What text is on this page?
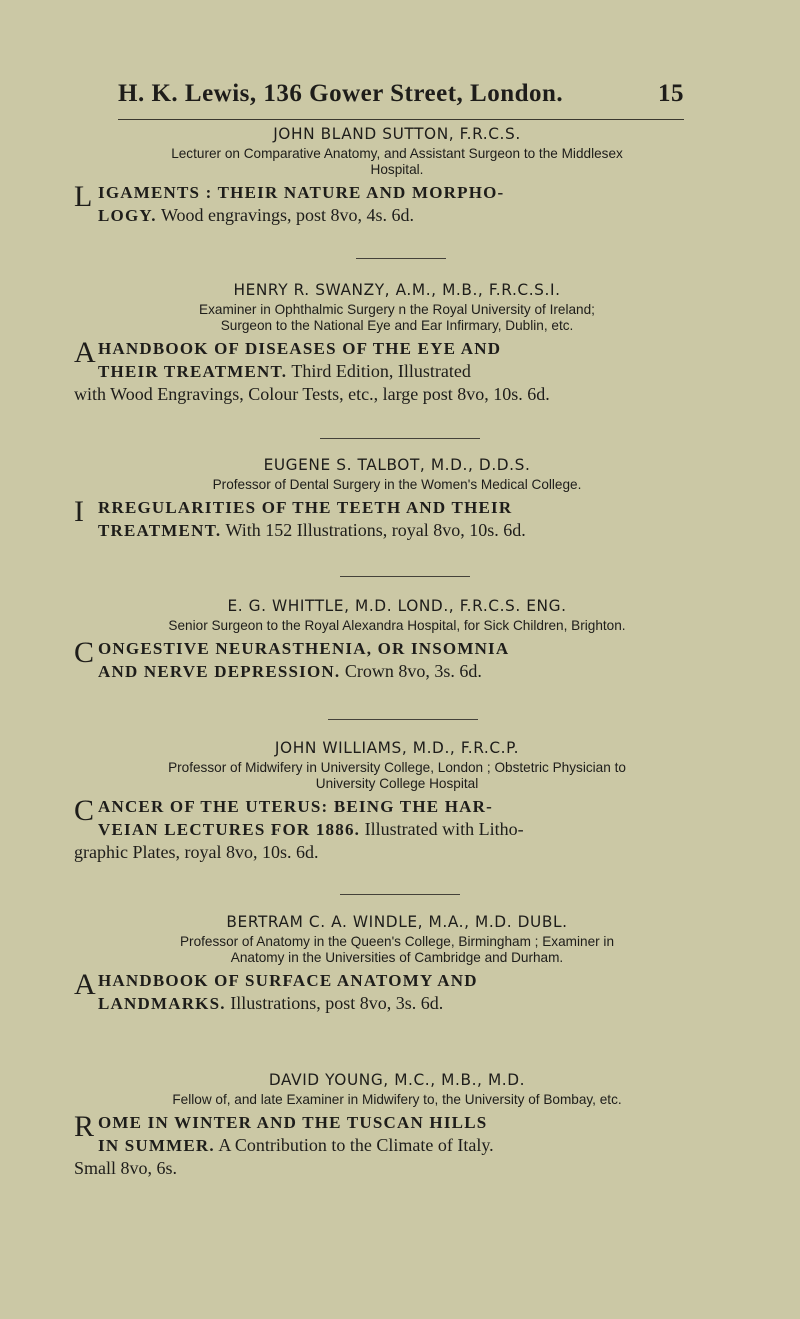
H. K. Lewis, 136 Gower Street, London.	15
JOHN BLAND SUTTON, F.R.C.S.
Lecturer on Comparative Anatomy, and Assistant Surgeon to the Middlesex
Hospital.
L IGAMENTS : THEIR NATURE AND MORPHO-
LOGY. Wood engravings, post 8vo, 4s. 6d.
HENRY R. SWANZY, A.M., M.B., F.R.C.S.I.
Examiner in Ophthalmic Surgery n the Royal University of Ireland;
Surgeon to the National Eye and Ear Infirmary, Dublin, etc.
A HANDBOOK OF DISEASES OF THE EYE AND
THEIR TREATMENT. Third Edition, Illustrated
with Wood Engravings, Colour Tests, etc., large post 8vo, 10s. 6d.
EUGENE S. TALBOT, M.D., D.D.S.
Professor of Dental Surgery in the Women's Medical College.
I RREGULARITIES OF THE TEETH AND THEIR
TREATMENT. With 152 Illustrations, royal 8vo, 10s. 6d.
E. G. WHITTLE, M.D. LOND., F.R.C.S. ENG.
Senior Surgeon to the Royal Alexandra Hospital, for Sick Children, Brighton.
C ONGESTIVE NEURASTHENIA, OR INSOMNIA
AND NERVE DEPRESSION. Crown 8vo, 3s. 6d.
JOHN WILLIAMS, M.D., F.R.C.P.
Professor of Midwifery in University College, London ; Obstetric Physician to
University College Hospital
C ANCER OF THE UTERUS: BEING THE HAR-
VEIAN LECTURES FOR 1886. Illustrated with Litho-
graphic Plates, royal 8vo, 10s. 6d.
BERTRAM C. A. WINDLE, M.A., M.D. DUBL.
Professor of Anatomy in the Queen's College, Birmingham ; Examiner in
Anatomy in the Universities of Cambridge and Durham.
A HANDBOOK OF SURFACE ANATOMY AND
LANDMARKS. Illustrations, post 8vo, 3s. 6d.
DAVID YOUNG, M.C., M.B., M.D.
Fellow of, and late Examiner in Midwifery to, the University of Bombay, etc.
R OME IN WINTER AND THE TUSCAN HILLS
IN SUMMER. A Contribution to the Climate of Italy.
Small 8vo, 6s.
